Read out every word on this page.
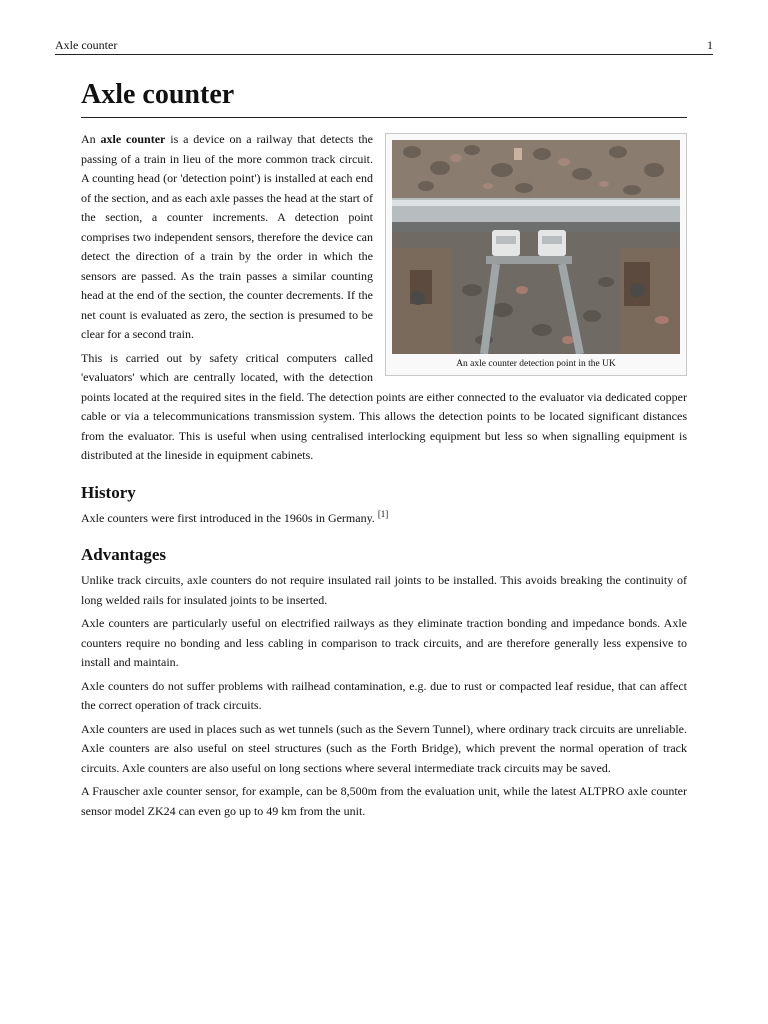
Axle counter	1
Axle counter
An axle counter detection point in the UK

An axle counter is a device on a railway that detects the passing of a train in lieu of the more common track circuit. A counting head (or 'detection point') is installed at each end of the section, and as each axle passes the head at the start of the section, a counter increments. A detection point comprises two independent sensors, therefore the device can detect the direction of a train by the order in which the sensors are passed. As the train passes a similar counting head at the end of the section, the counter decrements. If the net count is evaluated as zero, the section is presumed to be clear for a second train.

This is carried out by safety critical computers called 'evaluators' which are centrally located, with the detection points located at the required sites in the field. The detection points are either connected to the evaluator via dedicated copper cable or via a telecommunications transmission system. This allows the detection points to be located significant distances from the evaluator. This is useful when using centralised interlocking equipment but less so when signalling equipment is distributed at the lineside in equipment cabinets.

History

Axle counters were first introduced in the 1960s in Germany. [1]

Advantages

Unlike track circuits, axle counters do not require insulated rail joints to be installed. This avoids breaking the continuity of long welded rails for insulated joints to be inserted.

Axle counters are particularly useful on electrified railways as they eliminate traction bonding and impedance bonds. Axle counters require no bonding and less cabling in comparison to track circuits, and are therefore generally less expensive to install and maintain.

Axle counters do not suffer problems with railhead contamination, e.g. due to rust or compacted leaf residue, that can affect the correct operation of track circuits.

Axle counters are used in places such as wet tunnels (such as the Severn Tunnel), where ordinary track circuits are unreliable. Axle counters are also useful on steel structures (such as the Forth Bridge), which prevent the normal operation of track circuits. Axle counters are also useful on long sections where several intermediate track circuits may be saved.

A Frauscher axle counter sensor, for example, can be 8,500m from the evaluation unit, while the latest ALTPRO axle counter sensor model ZK24 can even go up to 49 km from the unit.
